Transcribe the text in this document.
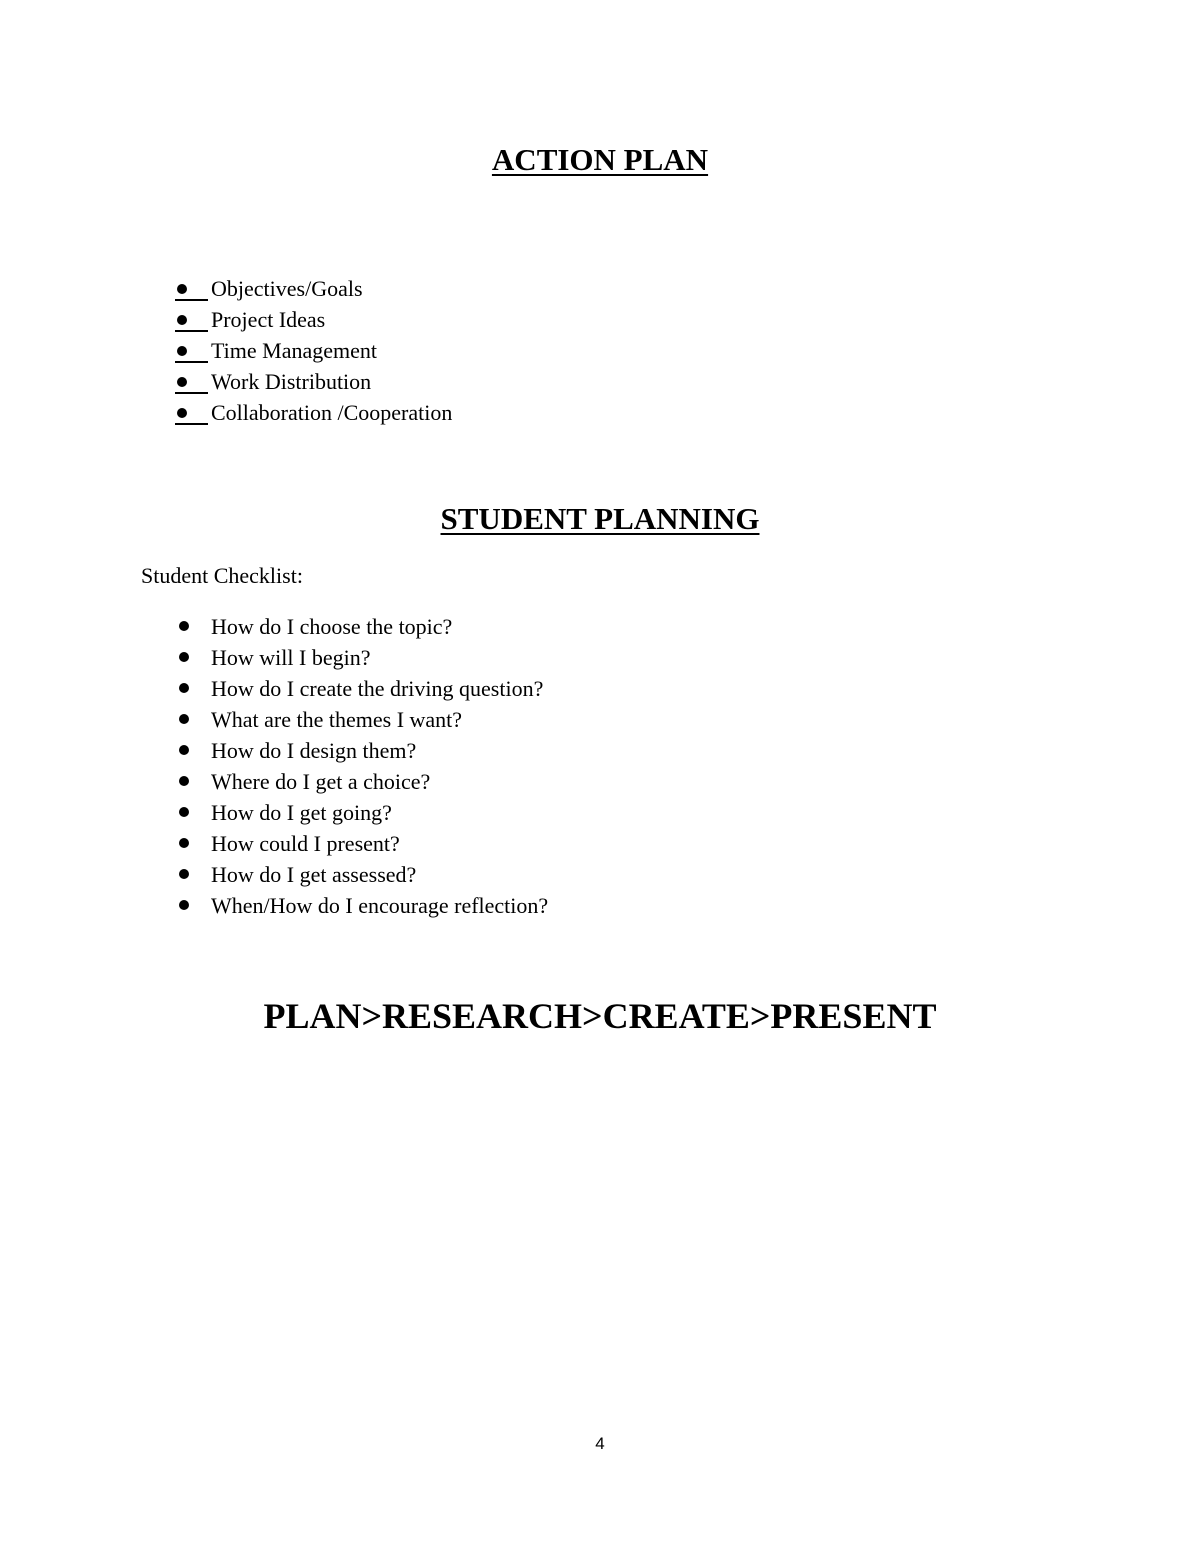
ACTION PLAN
Objectives/Goals
Project Ideas
Time Management
Work Distribution
Collaboration /Cooperation
STUDENT PLANNING
Student Checklist:
How do I choose the topic?
How will I begin?
How do I create the driving question?
What are the themes I want?
How do I design them?
Where do I get a choice?
How do I get going?
How could I present?
How do I get assessed?
When/How do I encourage reflection?
PLAN>RESEARCH>CREATE>PRESENT
4
